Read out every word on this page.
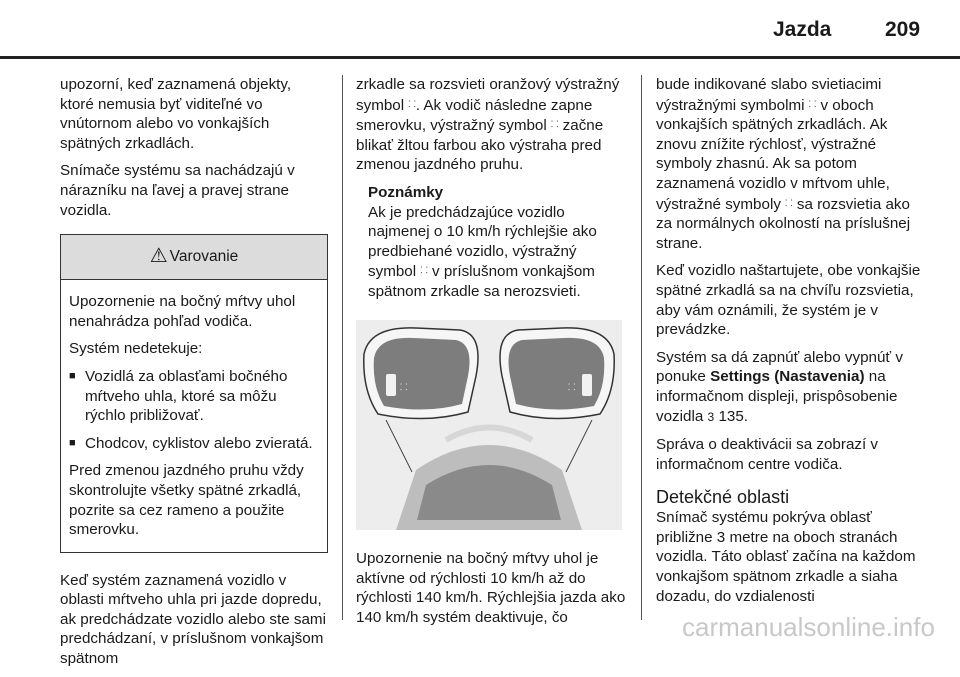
Jazda	209

upozorní, keď zaznamená objekty, ktoré nemusia byť viditeľné vo vnútornom alebo vo vonkajších spätných zrkadlách.

Snímače systému sa nachádzajú v nárazníku na ľavej a pravej strane vozidla.

⚠ Varovanie

Upozornenie na bočný mŕtvy uhol nenahrádza pohľad vodiča.

Systém nedetekuje:

■ Vozidlá za oblasťami bočného mŕtveho uhla, ktoré sa môžu rýchlo približovať.
■ Chodcov, cyklistov alebo zvieratá.

Pred zmenou jazdného pruhu vždy skontrolujte všetky spätné zrkadlá, pozrite sa cez rameno a použite smerovku.

Keď systém zaznamená vozidlo v oblasti mŕtveho uhla pri jazde dopredu, ak predchádzate vozidlo alebo ste sami predchádzaní, v príslušnom vonkajšom spätnom

zrkadle sa rozsvieti oranžový výstražný symbol ⸬. Ak vodič následne zapne smerovku, výstražný symbol ⸬ začne blikať žltou farbou ako výstraha pred zmenou jazdného pruhu.

Poznámky

Ak je predchádzajúce vozidlo najmenej o 10 km/h rýchlejšie ako predbiehané vozidlo, výstražný symbol ⸬ v príslušnom vonkajšom spätnom zrkadle sa nerozsvieti.

⸬	⸬

Upozornenie na bočný mŕtvy uhol je aktívne od rýchlosti 10 km/h až do rýchlosti 140 km/h. Rýchlejšia jazda ako 140 km/h systém deaktivuje, čo

bude indikované slabo svietiacimi výstražnými symbolmi ⸬ v oboch vonkajších spätných zrkadlách. Ak znovu znížite rýchlosť, výstražné symboly zhasnú. Ak sa potom zaznamená vozidlo v mŕtvom uhle, výstražné symboly ⸬ sa rozsvietia ako za normálnych okolností na príslušnej strane.

Keď vozidlo naštartujete, obe vonkajšie spätné zrkadlá sa na chvíľu rozsvietia, aby vám oznámili, že systém je v prevádzke.

Systém sa dá zapnúť alebo vypnúť v ponuke Settings (Nastavenia) na informačnom displeji, prispôsobenie vozidla 3 135.

Správa o deaktivácii sa zobrazí v informačnom centre vodiča.

Detekčné oblasti

Snímač systému pokrýva oblasť približne 3 metre na oboch stranách vozidla. Táto oblasť začína na každom vonkajšom spätnom zrkadle a siaha dozadu, do vzdialenosti

carmanualsonline.info
